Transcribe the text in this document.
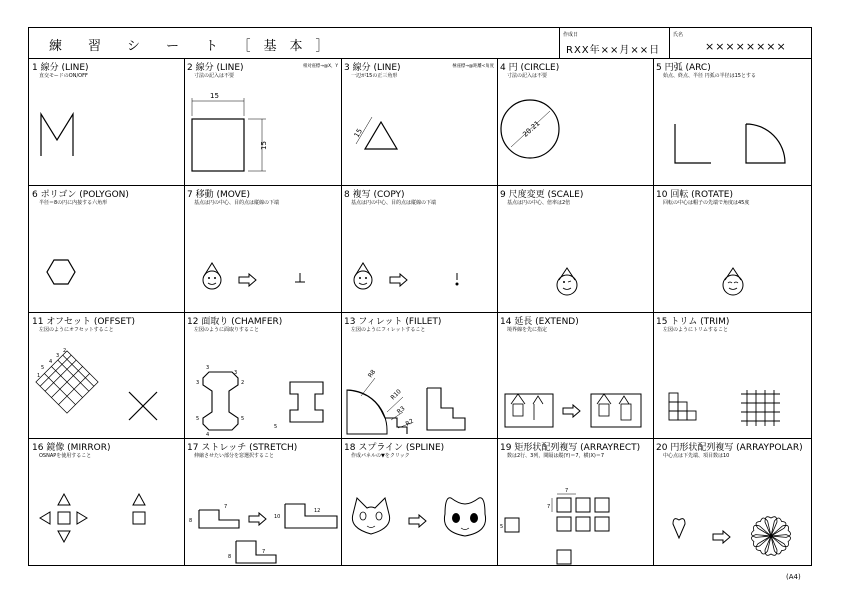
練　　習　　シ　　ー　　ト　　［　基　本　］
作成日
RXX年××月××日
氏名
××××××××
1 線分 (LINE)
直交モードのON/OFF
2 線分 (LINE)
寸法の記入は不要
相対座標→@X，Y
15
15
3 線分 (LINE)
一辺が15の正三角形
極座標→@距離<角度
15
4 円 (CIRCLE)
寸法の記入は不要
20.21
5 円弧 (ARC)
始点、終点、半径 円弧の半径は15とする
6 ポリゴン (POLYGON)
半径＝8の円に内接する六角形
7 移動 (MOVE)
基点は円の中心、目的点は縦線の下端
8 複写 (COPY)
基点は円の中心、目的点は縦線の下端
9 尺度変更 (SCALE)
基点は円の中心、倍率は2倍
10 回転 (ROTATE)
回転の中心は帽子の先端で角度は45度
11 オフセット (OFFSET)
左図のようにオフセットすること
2
3
4
5
1
12 面取り (CHAMFER)
左図のように面取りすること
3
3
3	2
5	5
4
5
13 フィレット (FILLET)
左図のようにフィレットすること
R8
R10
R3
R2
14 延長 (EXTEND)
境界線を先に指定
15 トリム (TRIM)
左図のようにトリムすること
16 鏡像 (MIRROR)
OSNAPを使用すること
17 ストレッチ (STRETCH)
伸縮させたい部分を窓選択すること
7
8
10
12
7
8
18 スプライン (SPLINE)
作成パネルの▼をクリック
19 矩形状配列複写 (ARRAYRECT)
数は2行、3列，間隔は縦(Y)＝7，横(X)＝7
5
7
7
20 円形状配列複写 (ARRAYPOLAR)
中心点は下先端、項目数は10
(A4)
